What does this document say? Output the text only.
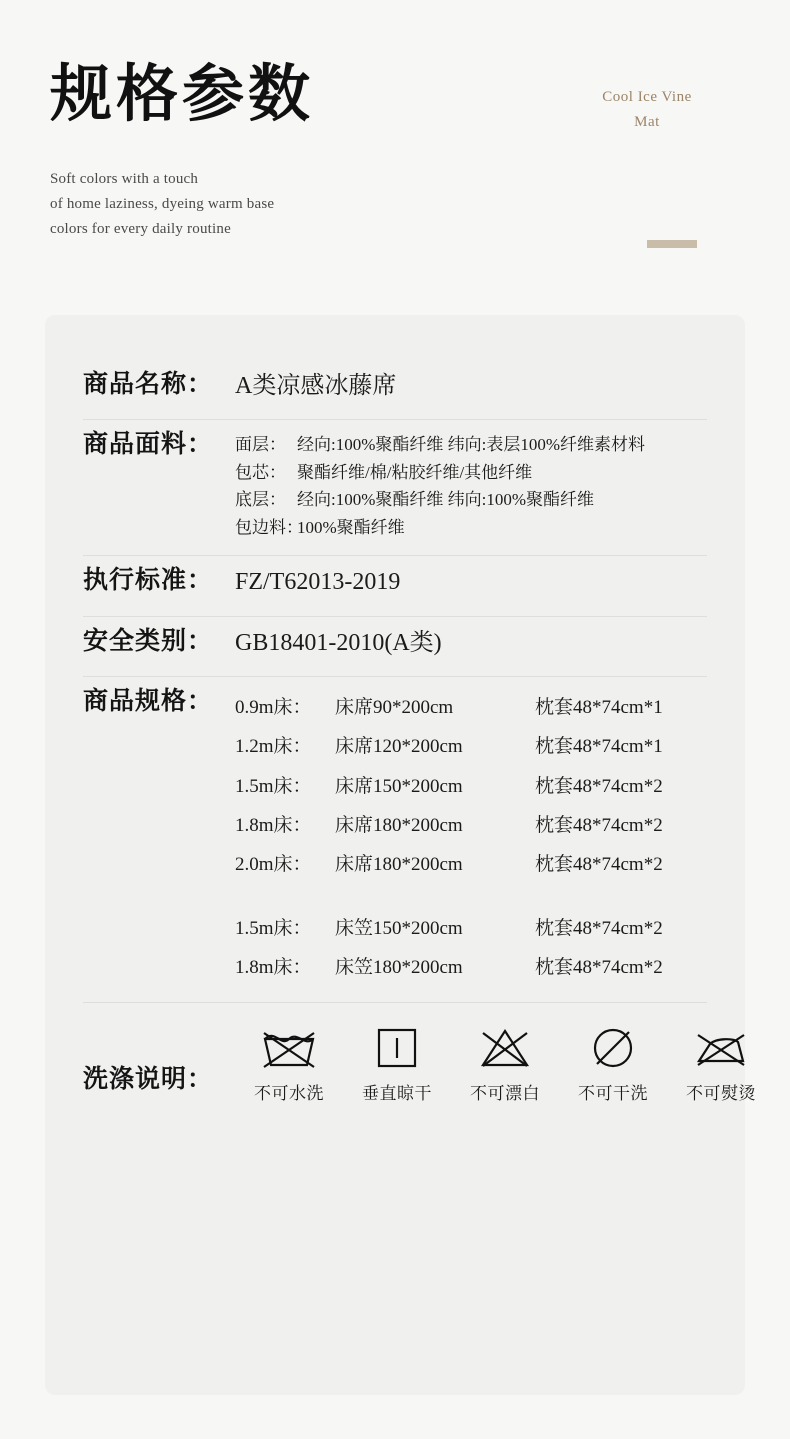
规格参数	Cool Ice Vine
Mat
Soft colors with a touch
of home laziness, dyeing warm base
colors for every daily routine
商品名称： A类凉感冰藤席
商品面料：	面层： 经向:100%聚酯纤维 纬向:表层100%纤维素材料
包芯： 聚酯纤维/棉/粘胶纤维/其他纤维
底层： 经向:100%聚酯纤维 纬向:100%聚酯纤维
包边料：
100%聚酯纤维
执行标准： FZ/T62013-2019
安全类别： GB18401-2010(A类)
商品规格：	0.9m床：	床席90*200cm	枕套48*74cm*1
1.2m床：	床席120*200cm	枕套48*74cm*1
1.5m床：	床席150*200cm	枕套48*74cm*2
1.8m床：	床席180*200cm	枕套48*74cm*2
2.0m床：	床席180*200cm	枕套48*74cm*2

1.5m床：	床笠150*200cm	枕套48*74cm*2
1.8m床：	床笠180*200cm	枕套48*74cm*2
洗涤说明：	不可水洗	垂直晾干	不可漂白	不可干洗	不可熨烫
